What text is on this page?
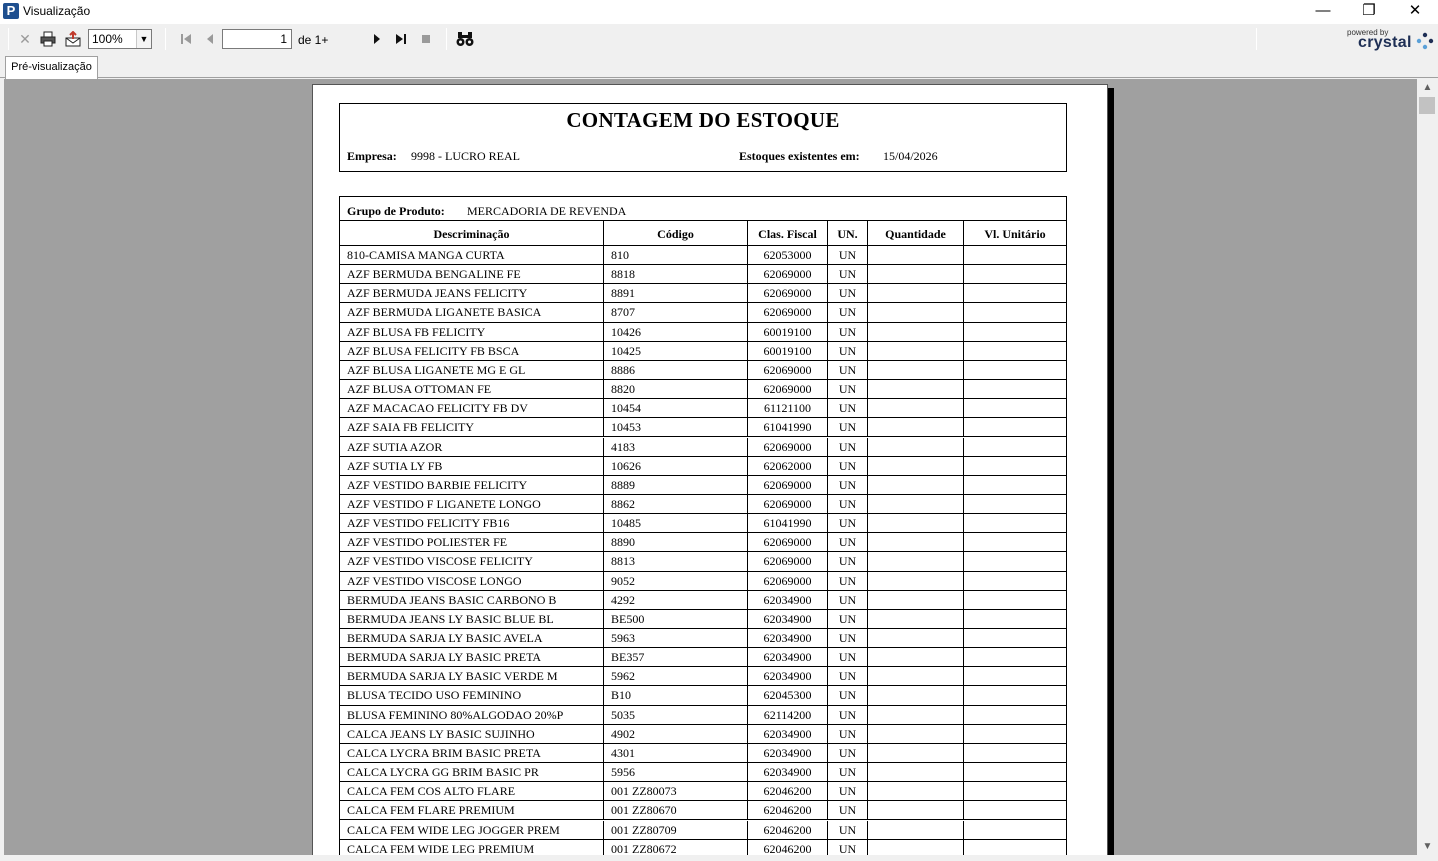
P Visualização	—	❐	✕
✕	100%	▼	1 de 1+
powered by
crystal
Pré-visualização
CONTAGEM DO ESTOQUE
Empresa: 9998 - LUCRO REAL	Estoques existentes em: 15/04/2026
Grupo de Produto: MERCADORIA DE REVENDA
Descriminação	Código	Clas. Fiscal	UN.	Quantidade	Vl. Unitário
810-CAMISA MANGA CURTA	810	62053000	UN
AZF BERMUDA BENGALINE FE	8818	62069000	UN
AZF BERMUDA JEANS FELICITY	8891	62069000	UN
AZF BERMUDA LIGANETE BASICA	8707	62069000	UN
AZF BLUSA FB FELICITY	10426	60019100	UN
AZF BLUSA FELICITY FB BSCA	10425	60019100	UN
AZF BLUSA LIGANETE MG E GL	8886	62069000	UN
AZF BLUSA OTTOMAN FE	8820	62069000	UN
AZF MACACAO FELICITY FB DV	10454	61121100	UN
AZF SAIA FB FELICITY	10453	61041990	UN
AZF SUTIA AZOR	4183	62069000	UN
AZF SUTIA LY FB	10626	62062000	UN
AZF VESTIDO BARBIE FELICITY	8889	62069000	UN
AZF VESTIDO F LIGANETE LONGO	8862	62069000	UN
AZF VESTIDO FELICITY FB16	10485	61041990	UN
AZF VESTIDO POLIESTER FE	8890	62069000	UN
AZF VESTIDO VISCOSE FELICITY	8813	62069000	UN
AZF VESTIDO VISCOSE LONGO	9052	62069000	UN
BERMUDA JEANS BASIC CARBONO B	4292	62034900	UN
BERMUDA JEANS LY BASIC BLUE BL	BE500	62034900	UN
BERMUDA SARJA LY BASIC AVELA	5963	62034900	UN
BERMUDA SARJA LY BASIC PRETA	BE357	62034900	UN
BERMUDA SARJA LY BASIC VERDE M	5962	62034900	UN
BLUSA TECIDO USO FEMININO	B10	62045300	UN
BLUSA FEMININO 80%ALGODAO 20%P	5035	62114200	UN
CALCA JEANS LY BASIC SUJINHO	4902	62034900	UN
CALCA LYCRA BRIM BASIC PRETA	4301	62034900	UN
CALCA LYCRA GG BRIM BASIC PR	5956	62034900	UN
CALCA FEM COS ALTO FLARE	001 ZZ80073	62046200	UN
CALCA FEM FLARE PREMIUM	001 ZZ80670	62046200	UN
CALCA FEM WIDE LEG JOGGER PREM	001 ZZ80709	62046200	UN
CALCA FEM WIDE LEG PREMIUM	001 ZZ80672	62046200	UN
▲
▼
